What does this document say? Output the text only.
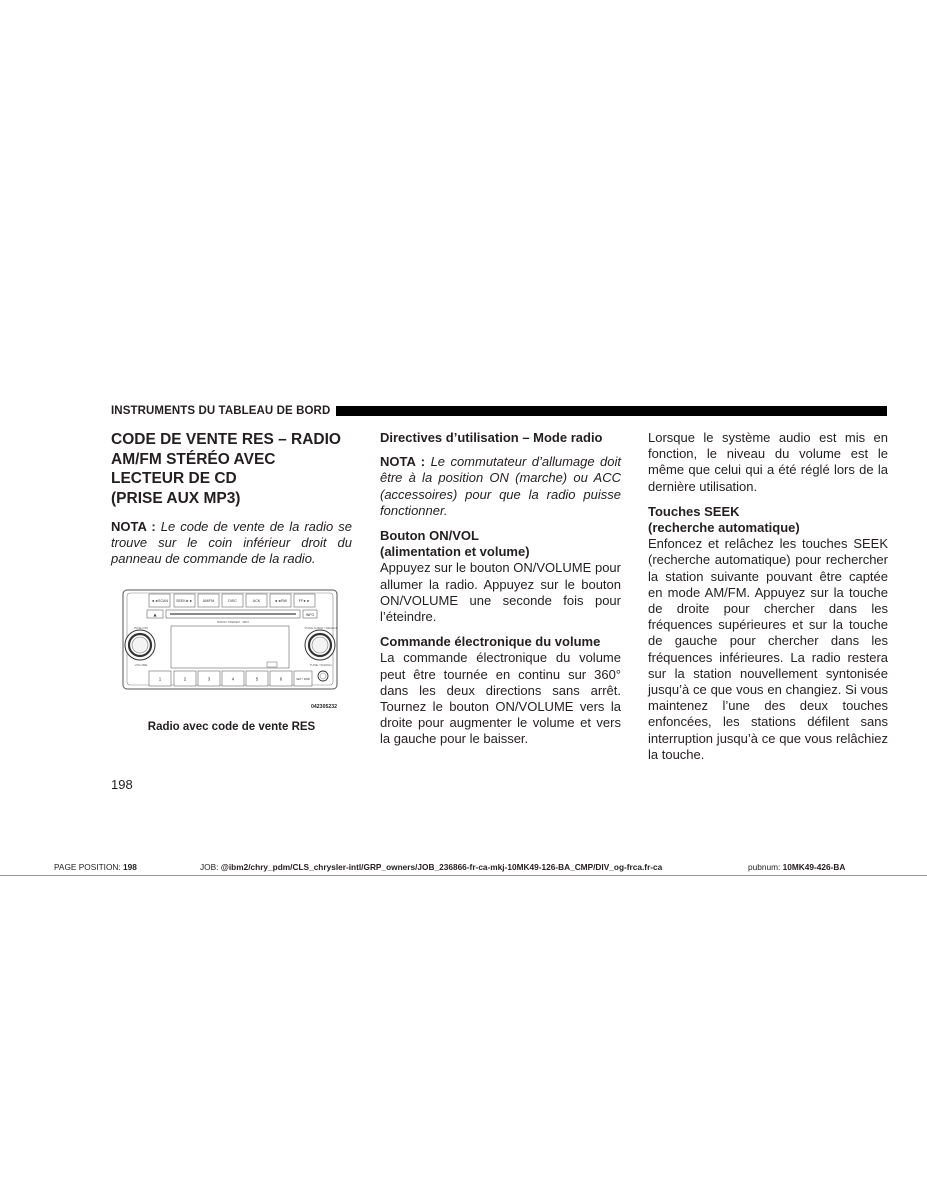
INSTRUMENTS DU TABLEAU DE BORD
CODE DE VENTE RES – RADIO
AM/FM STÉRÉO AVEC
LECTEUR DE CD
(PRISE AUX MP3)

NOTA : Le code de vente de la radio se trouve sur le coin inférieur droit du panneau de commande de la radio.

◄◄SCAN SEEK►►	AM/FM	DISC	ACK	◄◄RW	FF►►
▲	INFO
RADIO STEREO · MP3
PUSH ON
VOLUME
PUSH AUDIO / SELECT
TUNE / SCROLL
1	2	3	4	5	6	SET / RND
042305232
Radio avec code de vente RES

Directives d’utilisation – Mode radio

NOTA : Le commutateur d’allumage doit être à la position ON (marche) ou ACC (accessoires) pour que la radio puisse fonctionner.

Bouton ON/VOL

(alimentation et volume)

Appuyez sur le bouton ON/VOLUME pour allumer la radio. Appuyez sur le bouton ON/VOLUME une seconde fois pour l’éteindre.

Commande électronique du volume

La commande électronique du volume peut être tournée en continu sur 360° dans les deux directions sans arrêt. Tournez le bouton ON/VOLUME vers la droite pour augmenter le volume et vers la gauche pour le baisser.

Lorsque le système audio est mis en fonction, le niveau du volume est le même que celui qui a été réglé lors de la dernière utilisation.

Touches SEEK

(recherche automatique)

Enfoncez et relâchez les touches SEEK (recherche automatique) pour rechercher la station suivante pouvant être captée en mode AM/FM. Appuyez sur la touche de droite pour chercher dans les fréquences supérieures et sur la touche de gauche pour chercher dans les fréquences inférieures. La radio restera sur la station nouvellement syntonisée jusqu’à ce que vous en changiez. Si vous maintenez l’une des deux touches enfoncées, les stations défilent sans interruption jusqu’à ce que vous relâchiez la touche.

198
PAGE POSITION: 198	JOB: @ibm2/chry_pdm/CLS_chrysler-intl/GRP_owners/JOB_236866-fr-ca-mkj-10MK49-126-BA_CMP/DIV_og-frca.fr-ca	pubnum: 10MK49-426-BA
